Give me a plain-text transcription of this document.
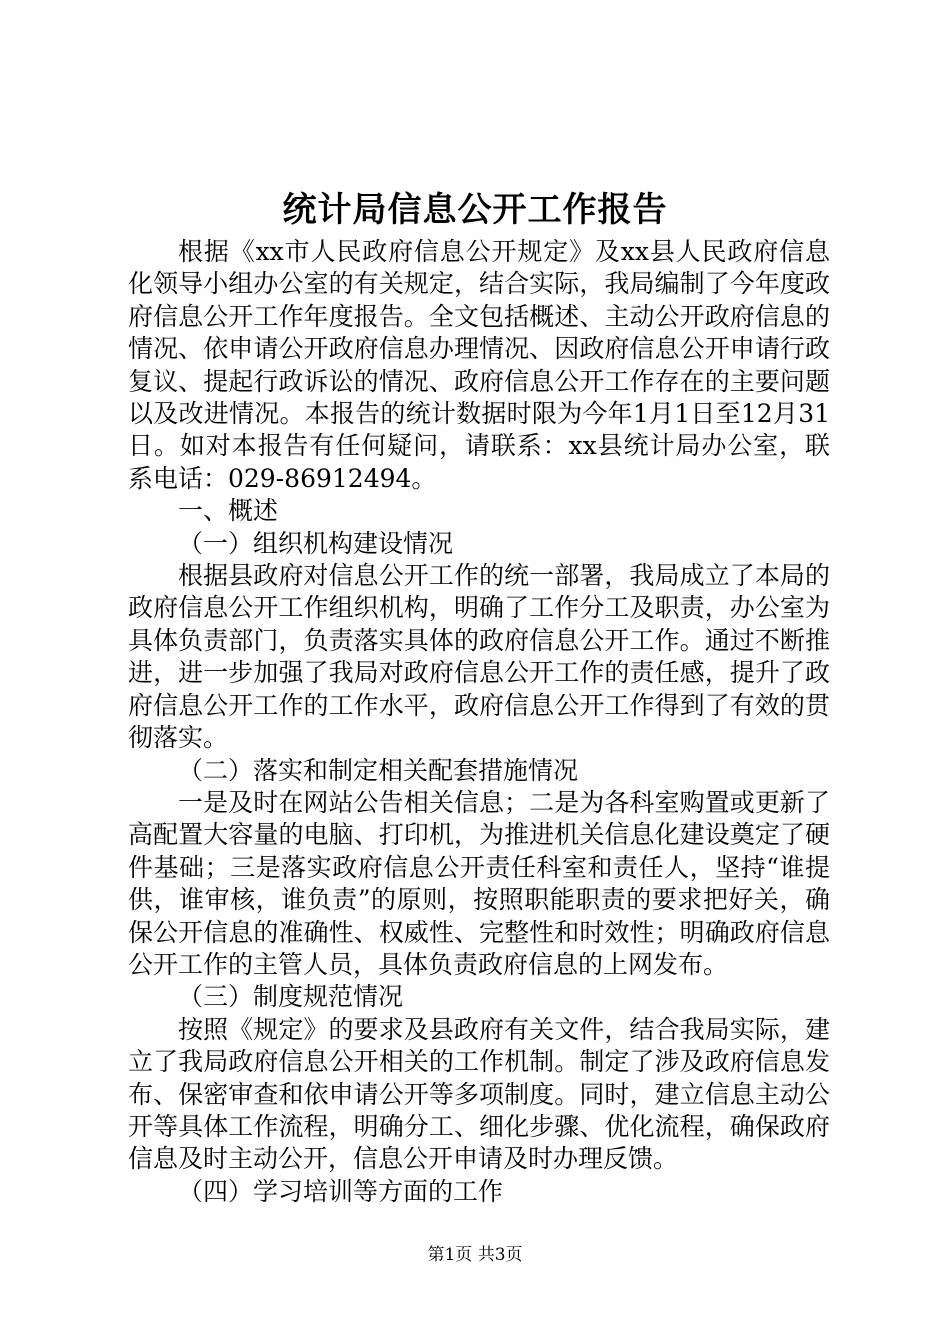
统计局信息公开工作报告

根据《xx市人民政府信息公开规定》及xx县人民政府信息化领导小组办公室的有关规定，结合实际，我局编制了今年度政府信息公开工作年度报告。全文包括概述、主动公开政府信息的情况、依申请公开政府信息办理情况、因政府信息公开申请行政复议、提起行政诉讼的情况、政府信息公开工作存在的主要问题以及改进情况。本报告的统计数据时限为今年1月1日至12月31日。如对本报告有任何疑问，请联系：xx县统计局办公室，联系电话：029-86912494。

一、概述

（一）组织机构建设情况

根据县政府对信息公开工作的统一部署，我局成立了本局的政府信息公开工作组织机构，明确了工作分工及职责，办公室为具体负责部门，负责落实具体的政府信息公开工作。通过不断推进，进一步加强了我局对政府信息公开工作的责任感，提升了政府信息公开工作的工作水平，政府信息公开工作得到了有效的贯彻落实。

（二）落实和制定相关配套措施情况

一是及时在网站公告相关信息；二是为各科室购置或更新了高配置大容量的电脑、打印机，为推进机关信息化建设奠定了硬件基础；三是落实政府信息公开责任科室和责任人，坚持“谁提供，谁审核，谁负责”的原则，按照职能职责的要求把好关，确保公开信息的准确性、权威性、完整性和时效性；明确政府信息公开工作的主管人员，具体负责政府信息的上网发布。

（三）制度规范情况

按照《规定》的要求及县政府有关文件，结合我局实际，建立了我局政府信息公开相关的工作机制。制定了涉及政府信息发布、保密审查和依申请公开等多项制度。同时，建立信息主动公开等具体工作流程，明确分工、细化步骤、优化流程，确保政府信息及时主动公开，信息公开申请及时办理反馈。

（四）学习培训等方面的工作

第1页 共3页
